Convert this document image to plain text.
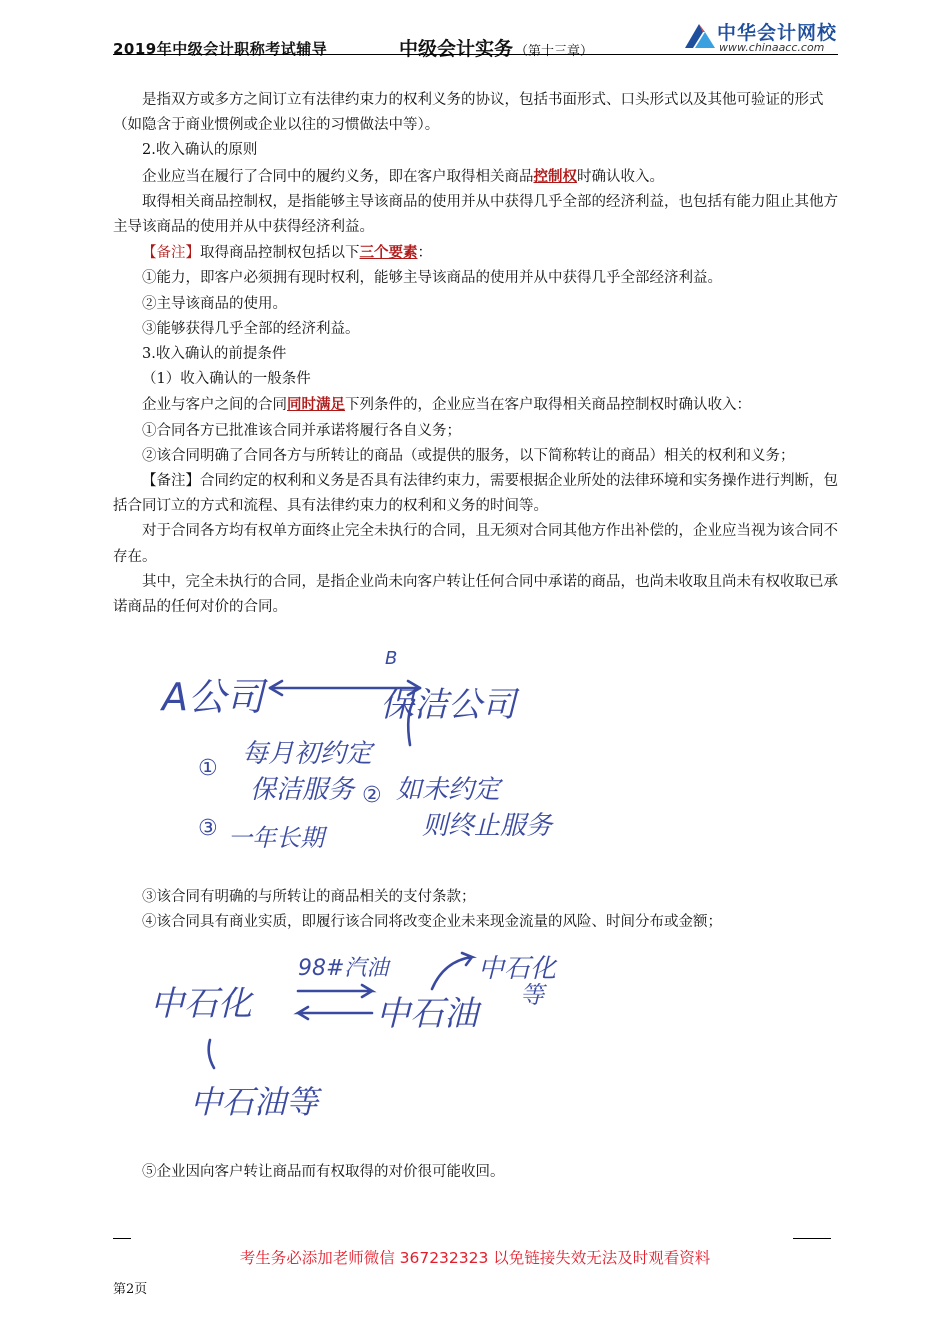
2019年中级会计职称考试辅导	中级会计实务 （第十三章）
中华会计网校
www.chinaacc.com

是指双方或多方之间订立有法律约束力的权利义务的协议，包括书面形式、口头形式以及其他可验证的形式（如隐含于商业惯例或企业以往的习惯做法中等）。

2.收入确认的原则

企业应当在履行了合同中的履约义务，即在客户取得相关商品控制权时确认收入。

取得相关商品控制权，是指能够主导该商品的使用并从中获得几乎全部的经济利益，也包括有能力阻止其他方主导该商品的使用并从中获得经济利益。

【备注】取得商品控制权包括以下三个要素：

①能力，即客户必须拥有现时权利，能够主导该商品的使用并从中获得几乎全部经济利益。

②主导该商品的使用。

③能够获得几乎全部的经济利益。

3.收入确认的前提条件

（1）收入确认的一般条件

企业与客户之间的合同同时满足下列条件的，企业应当在客户取得相关商品控制权时确认收入：

①合同各方已批准该合同并承诺将履行各自义务；

②该合同明确了合同各方与所转让的商品（或提供的服务，以下简称转让的商品）相关的权利和义务；

【备注】合同约定的权利和义务是否具有法律约束力，需要根据企业所处的法律环境和实务操作进行判断，包括合同订立的方式和流程、具有法律约束力的权利和义务的时间等。

对于合同各方均有权单方面终止完全未执行的合同，且无须对合同其他方作出补偿的，企业应当视为该合同不存在。

其中，完全未执行的合同，是指企业尚未向客户转让任何合同中承诺的商品，也尚未收取且尚未有权收取已承诺商品的任何对价的合同。

A公司
B
保洁公司
① 每月初约定
保洁服务 ② 如未约定
则终止服务
③ 一年长期

③该合同有明确的与所转让的商品相关的支付条款；

④该合同具有商业实质，即履行该合同将改变企业未来现金流量的风险、时间分布或金额；

中石化
98#汽油
中石油
中石化
等
中石油等

⑤企业因向客户转让商品而有权取得的对价很可能收回。

考生务必添加老师微信 367232323 以免链接失效无法及时观看资料
第2页
